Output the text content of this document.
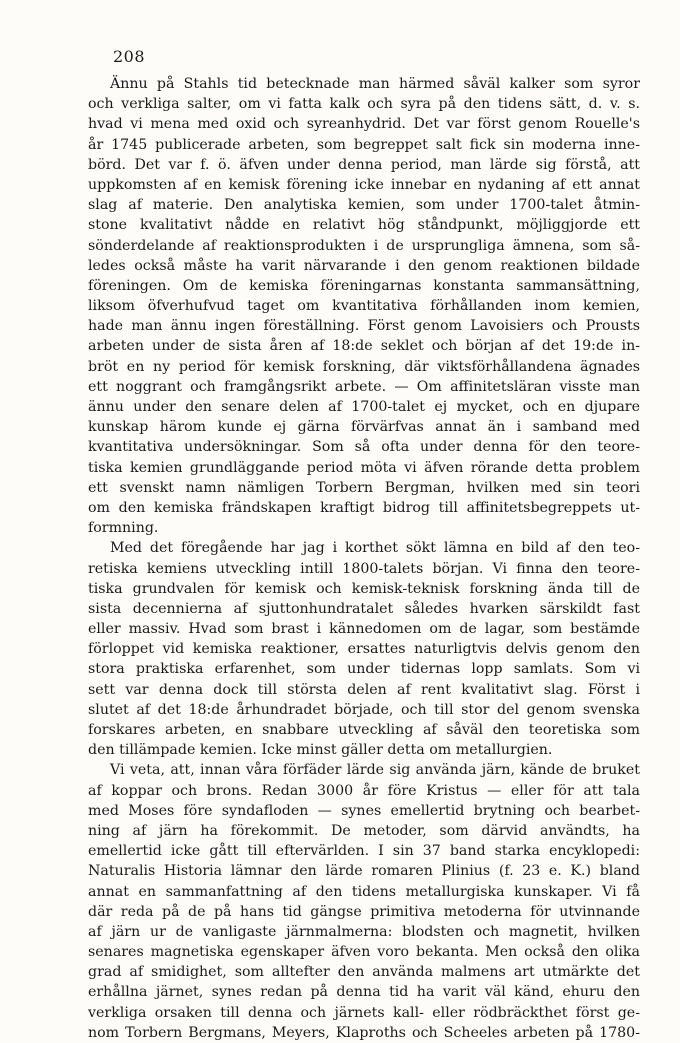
208
Ännu på Stahls tid betecknade man härmed såväl kalker som syror
och verkliga salter, om vi fatta kalk och syra på den tidens sätt, d. v. s.
hvad vi mena med oxid och syreanhydrid. Det var först genom Rouelle's
år 1745 publicerade arbeten, som begreppet salt fick sin moderna inne-
börd. Det var f. ö. äfven under denna period, man lärde sig förstå, att
uppkomsten af en kemisk förening icke innebar en nydaning af ett annat
slag af materie. Den analytiska kemien, som under 1700-talet åtmin-
stone kvalitativt nådde en relativt hög ståndpunkt, möjliggjorde ett
sönderdelande af reaktionsprodukten i de ursprungliga ämnena, som så-
ledes också måste ha varit närvarande i den genom reaktionen bildade
föreningen. Om de kemiska föreningarnas konstanta sammansättning,
liksom öfverhufvud taget om kvantitativa förhållanden inom kemien,
hade man ännu ingen föreställning. Först genom Lavoisiers och Prousts
arbeten under de sista åren af 18:de seklet och början af det 19:de in-
bröt en ny period för kemisk forskning, där viktsförhållandena ägnades
ett noggrant och framgångsrikt arbete. — Om affinitetsläran visste man
ännu under den senare delen af 1700-talet ej mycket, och en djupare
kunskap härom kunde ej gärna förvärfvas annat än i samband med
kvantitativa undersökningar. Som så ofta under denna för den teore-
tiska kemien grundläggande period möta vi äfven rörande detta problem
ett svenskt namn nämligen Torbern Bergman, hvilken med sin teori
om den kemiska frändskapen kraftigt bidrog till affinitetsbegreppets ut-
formning.
Med det föregående har jag i korthet sökt lämna en bild af den teo-
retiska kemiens utveckling intill 1800-talets början. Vi finna den teore-
tiska grundvalen för kemisk och kemisk-teknisk forskning ända till de
sista decennierna af sjuttonhundratalet således hvarken särskildt fast
eller massiv. Hvad som brast i kännedomen om de lagar, som bestämde
förloppet vid kemiska reaktioner, ersattes naturligtvis delvis genom den
stora praktiska erfarenhet, som under tidernas lopp samlats. Som vi
sett var denna dock till största delen af rent kvalitativt slag. Först i
slutet af det 18:de århundradet började, och till stor del genom svenska
forskares arbeten, en snabbare utveckling af såväl den teoretiska som
den tillämpade kemien. Icke minst gäller detta om metallurgien.
Vi veta, att, innan våra förfäder lärde sig använda järn, kände de bruket
af koppar och brons. Redan 3000 år före Kristus — eller för att tala
med Moses före syndafloden — synes emellertid brytning och bearbet-
ning af järn ha förekommit. De metoder, som därvid användts, ha
emellertid icke gått till eftervärlden. I sin 37 band starka encyklopedi:
Naturalis Historia lämnar den lärde romaren Plinius (f. 23 e. K.) bland
annat en sammanfattning af den tidens metallurgiska kunskaper. Vi få
där reda på de på hans tid gängse primitiva metoderna för utvinnande
af järn ur de vanligaste järnmalmerna: blodsten och magnetit, hvilken
senares magnetiska egenskaper äfven voro bekanta. Men också den olika
grad af smidighet, som alltefter den använda malmens art utmärkte det
erhållna järnet, synes redan på denna tid ha varit väl känd, ehuru den
verkliga orsaken till denna och järnets kall- eller rödbräckthet först ge-
nom Torbern Bergmans, Meyers, Klaproths och Scheeles arbeten på 1780-
